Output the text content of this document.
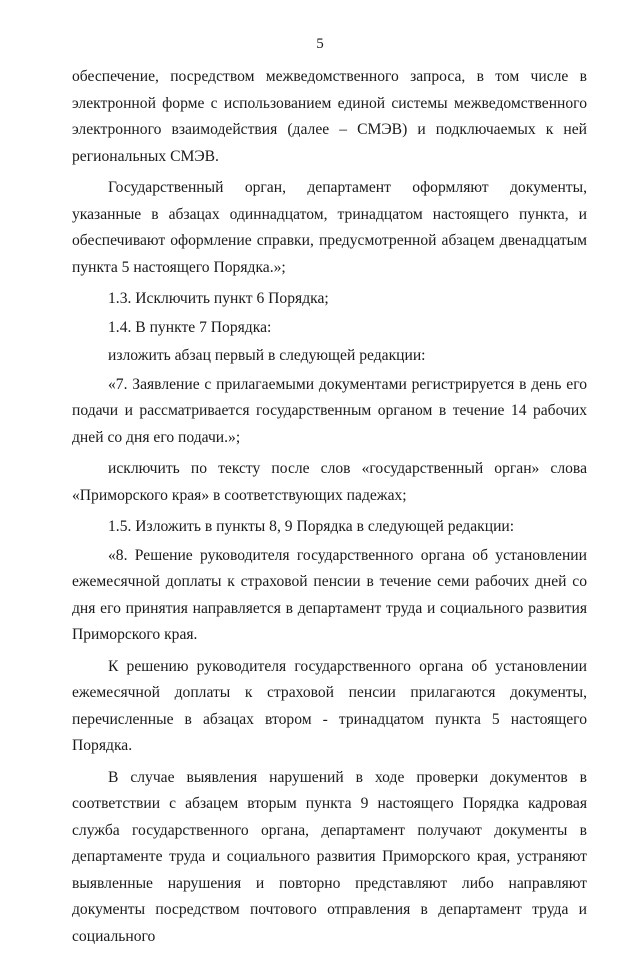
5

обеспечение, посредством межведомственного запроса, в том числе в электронной форме с использованием единой системы межведомственного электронного взаимодействия (далее – СМЭВ) и подключаемых к ней региональных СМЭВ.

Государственный орган, департамент оформляют документы, указанные в абзацах одиннадцатом, тринадцатом настоящего пункта, и обеспечивают оформление справки, предусмотренной абзацем двенадцатым пункта 5 настоящего Порядка.»;

1.3. Исключить пункт 6 Порядка;

1.4. В пункте 7 Порядка:

изложить абзац первый в следующей редакции:

«7. Заявление с прилагаемыми документами регистрируется в день его подачи и рассматривается государственным органом в течение 14 рабочих дней со дня его подачи.»;

исключить по тексту после слов «государственный орган» слова «Приморского края» в соответствующих падежах;

1.5. Изложить в пункты 8, 9 Порядка в следующей редакции:

«8. Решение руководителя государственного органа об установлении ежемесячной доплаты к страховой пенсии в течение семи рабочих дней со дня его принятия направляется в департамент труда и социального развития Приморского края.

К решению руководителя государственного органа об установлении ежемесячной доплаты к страховой пенсии прилагаются документы, перечисленные в абзацах втором - тринадцатом пункта 5 настоящего Порядка.

В случае выявления нарушений в ходе проверки документов в соответствии с абзацем вторым пункта 9 настоящего Порядка кадровая служба государственного органа, департамент получают документы в департаменте труда и социального развития Приморского края, устраняют выявленные нарушения и повторно представляют либо направляют документы посредством почтового отправления в департамент труда и социального
